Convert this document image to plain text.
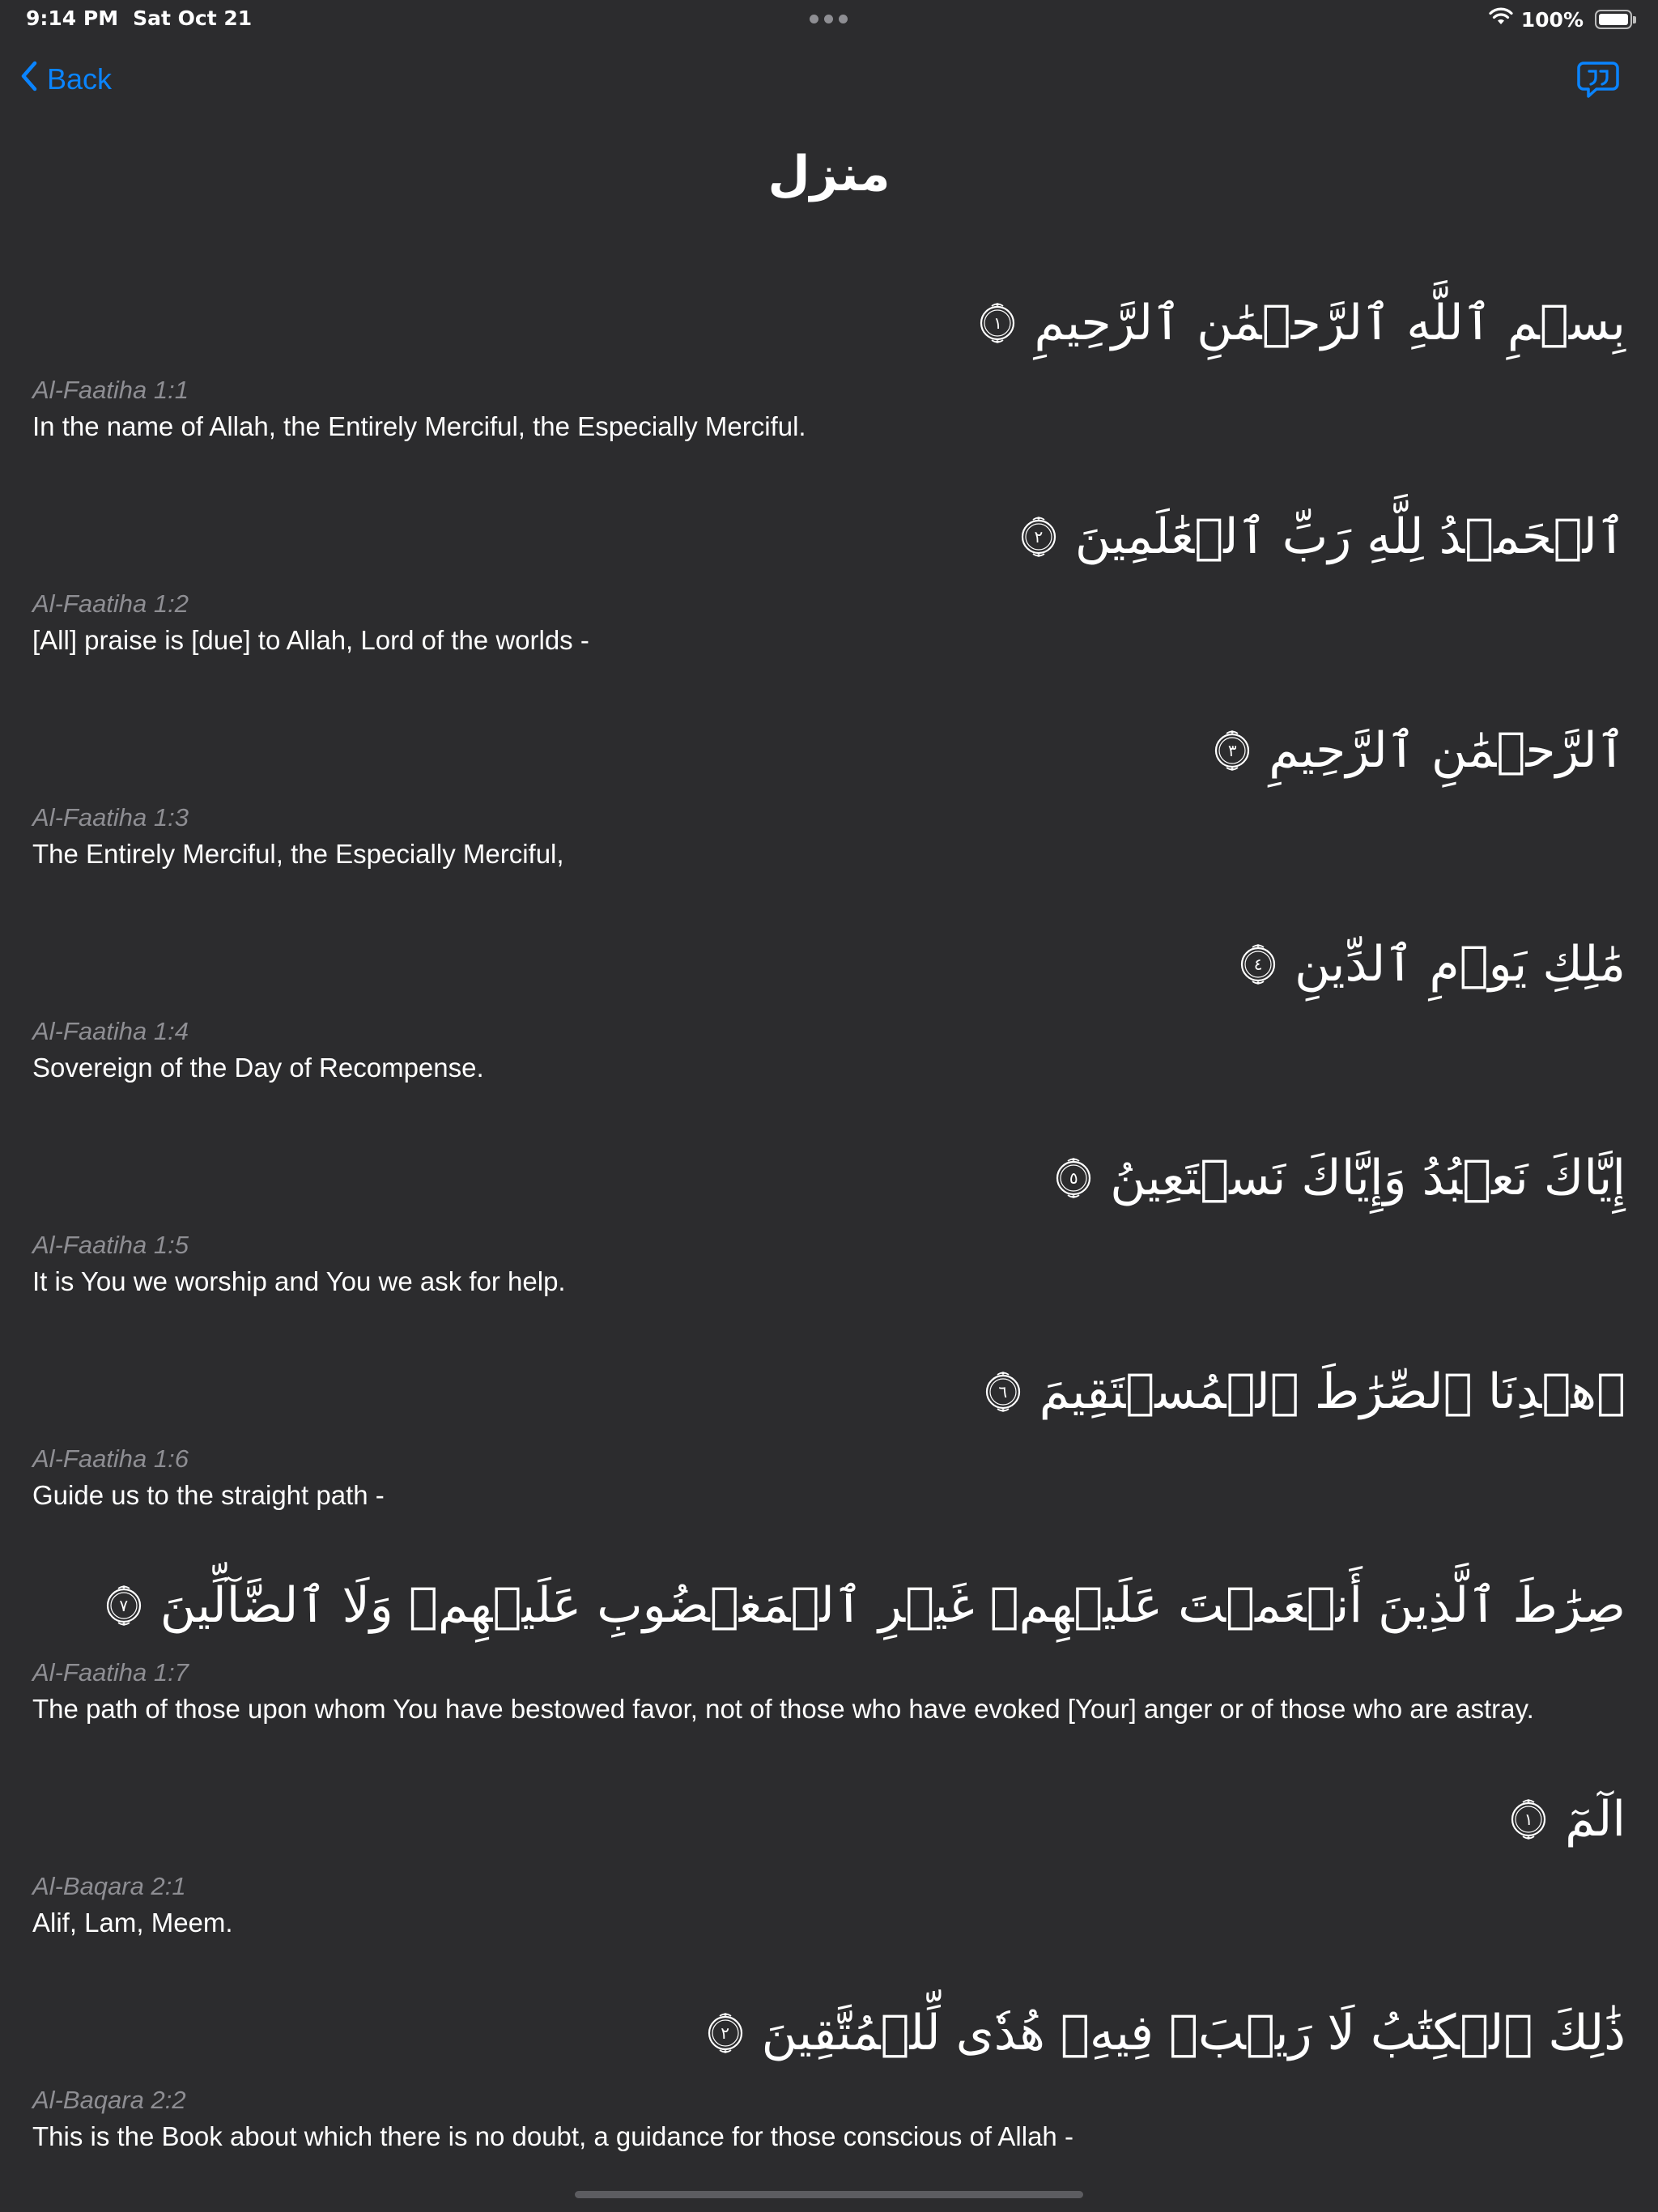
9:14 PM Sat Oct 21	100%
Back
منزل
بِسۡمِ ٱللَّهِ ٱلرَّحۡمَٰنِ ٱلرَّحِيمِ
١
Al-Faatiha 1:1
In the name of Allah, the Entirely Merciful, the Especially Merciful.
ٱلۡحَمۡدُ لِلَّهِ رَبِّ ٱلۡعَٰلَمِينَ
٢
Al-Faatiha 1:2
[All] praise is [due] to Allah, Lord of the worlds -
ٱلرَّحۡمَٰنِ ٱلرَّحِيمِ
٣
Al-Faatiha 1:3
The Entirely Merciful, the Especially Merciful,
مَٰلِكِ يَوۡمِ ٱلدِّينِ
٤
Al-Faatiha 1:4
Sovereign of the Day of Recompense.
إِيَّاكَ نَعۡبُدُ وَإِيَّاكَ نَسۡتَعِينُ
٥
Al-Faatiha 1:5
It is You we worship and You we ask for help.
ٱهۡدِنَا ٱلصِّرَٰطَ ٱلۡمُسۡتَقِيمَ
٦
Al-Faatiha 1:6
Guide us to the straight path -
صِرَٰطَ ٱلَّذِينَ أَنۡعَمۡتَ عَلَيۡهِمۡ غَيۡرِ ٱلۡمَغۡضُوبِ عَلَيۡهِمۡ وَلَا ٱلضَّآلِّينَ
٧
Al-Faatiha 1:7
The path of those upon whom You have bestowed favor, not of those who have evoked [Your] anger or of those who are astray.
الٓمٓ
١
Al-Baqara 2:1
Alif, Lam, Meem.
ذَٰلِكَ ٱلۡكِتَٰبُ لَا رَيۡبَۛ فِيهِۛ هُدٗى لِّلۡمُتَّقِينَ
٢
Al-Baqara 2:2
This is the Book about which there is no doubt, a guidance for those conscious of Allah -
